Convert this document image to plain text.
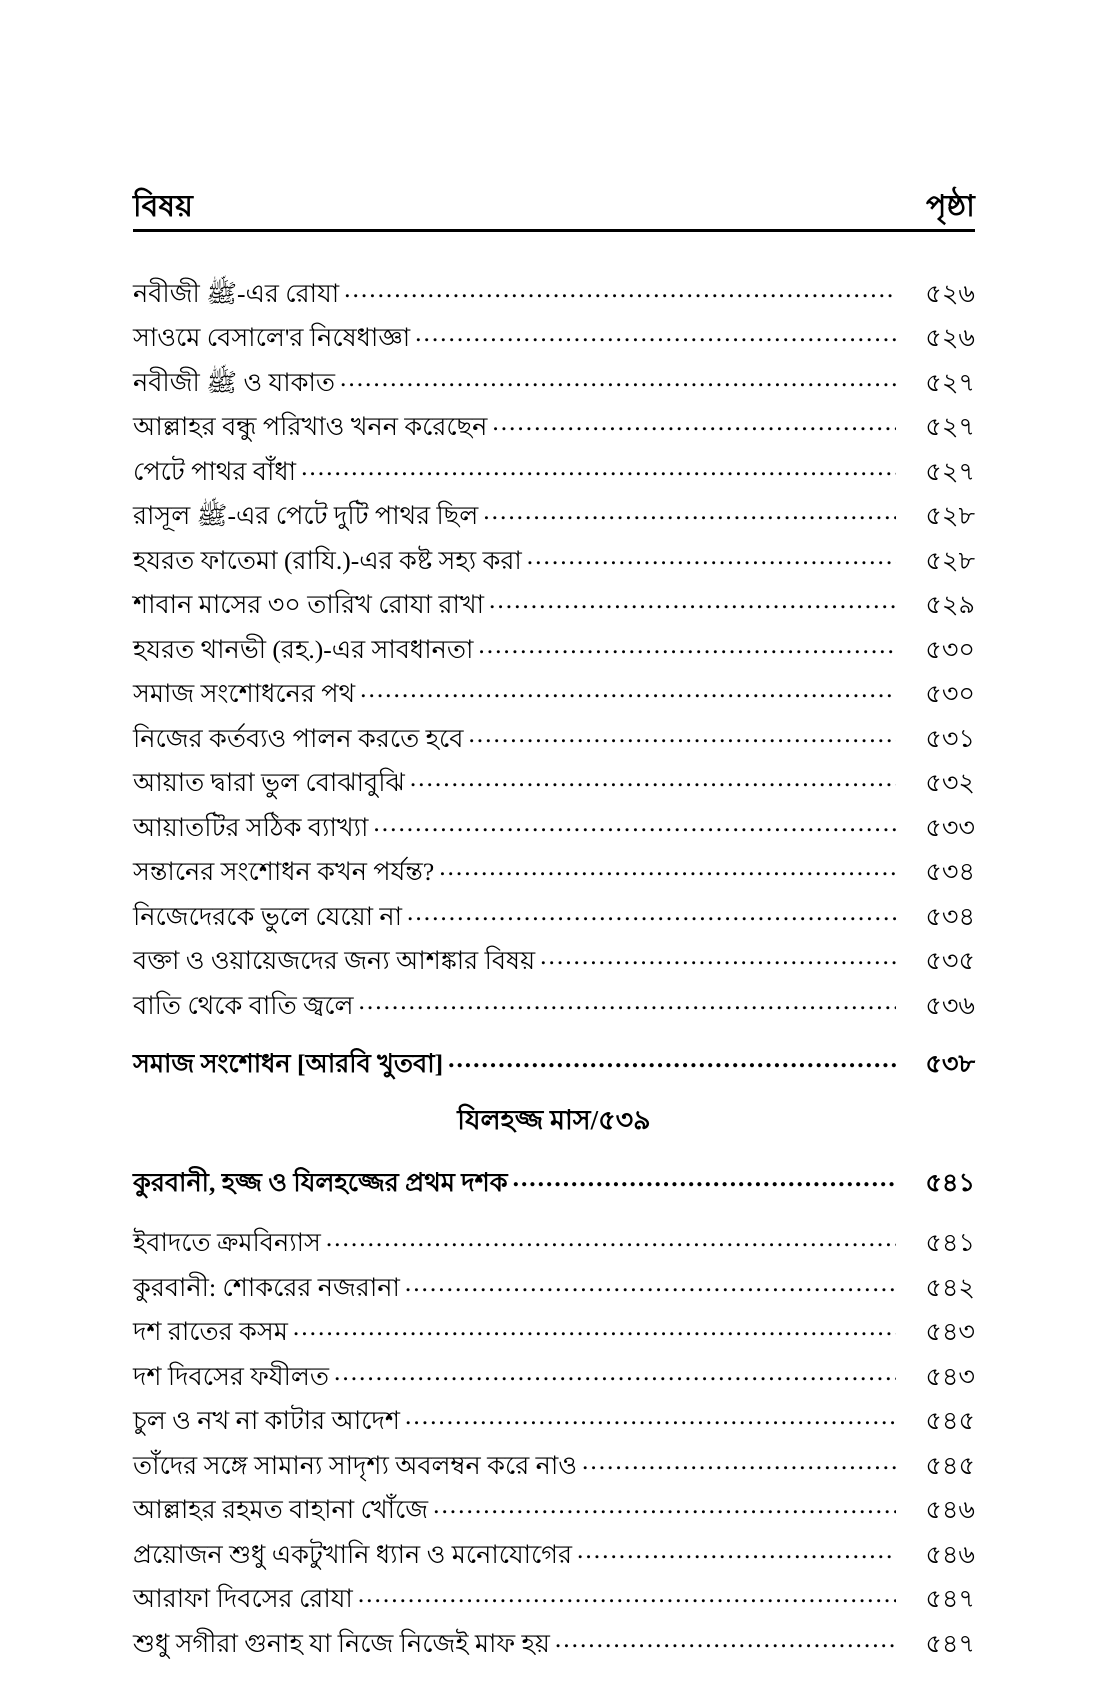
বিষয়	পৃষ্ঠা
নবীজী ﷺ-এর রোযা . . .	৫২৬
সাওমে বেসালে'র নিষেধাজ্ঞা . . .	৫২৬
নবীজী ﷺ ও যাকাত . . .	৫২৭
আল্লাহর বন্ধু পরিখাও খনন করেছেন . . .	৫২৭
পেটে পাথর বাঁধা . . .	৫২৭
রাসূল ﷺ-এর পেটে দুটি পাথর ছিল . . .	৫২৮
হযরত ফাতেমা (রাযি.)-এর কষ্ট সহ্য করা . . .	৫২৮
শাবান মাসের ৩০ তারিখ রোযা রাখা . . .	৫২৯
হযরত থানভী (রহ.)-এর সাবধানতা . . .	৫৩০
সমাজ সংশোধনের পথ . . .	৫৩০
নিজের কর্তব্যও পালন করতে হবে . . .	৫৩১
আয়াত দ্বারা ভুল বোঝাবুঝি . . .	৫৩২
আয়াতটির সঠিক ব্যাখ্যা . . .	৫৩৩
সন্তানের সংশোধন কখন পর্যন্ত? . . .	৫৩৪
নিজেদেরকে ভুলে যেয়ো না . . .	৫৩৪
বক্তা ও ওয়ায়েজদের জন্য আশঙ্কার বিষয় . . .	৫৩৫
বাতি থেকে বাতি জ্বলে . . .	৫৩৬
সমাজ সংশোধন [আরবি খুতবা] . . .	৫৩৮
যিলহজ্জ মাস/৫৩৯
কুরবানী, হজ্জ ও যিলহজ্জের প্রথম দশক . . .	৫৪১
ইবাদতে ক্রমবিন্যাস . . .	৫৪১
কুরবানী: শোকরের নজরানা . . .	৫৪২
দশ রাতের কসম . . .	৫৪৩
দশ দিবসের ফযীলত . . .	৫৪৩
চুল ও নখ না কাটার আদেশ . . .	৫৪৫
তাঁদের সঙ্গে সামান্য সাদৃশ্য অবলম্বন করে নাও . . .	৫৪৫
আল্লাহর রহমত বাহানা খোঁজে . . .	৫৪৬
প্রয়োজন শুধু একটুখানি ধ্যান ও মনোযোগের . . .	৫৪৬
আরাফা দিবসের রোযা . . .	৫৪৭
শুধু সগীরা গুনাহ যা নিজে নিজেই মাফ হয় . . .	৫৪৭
